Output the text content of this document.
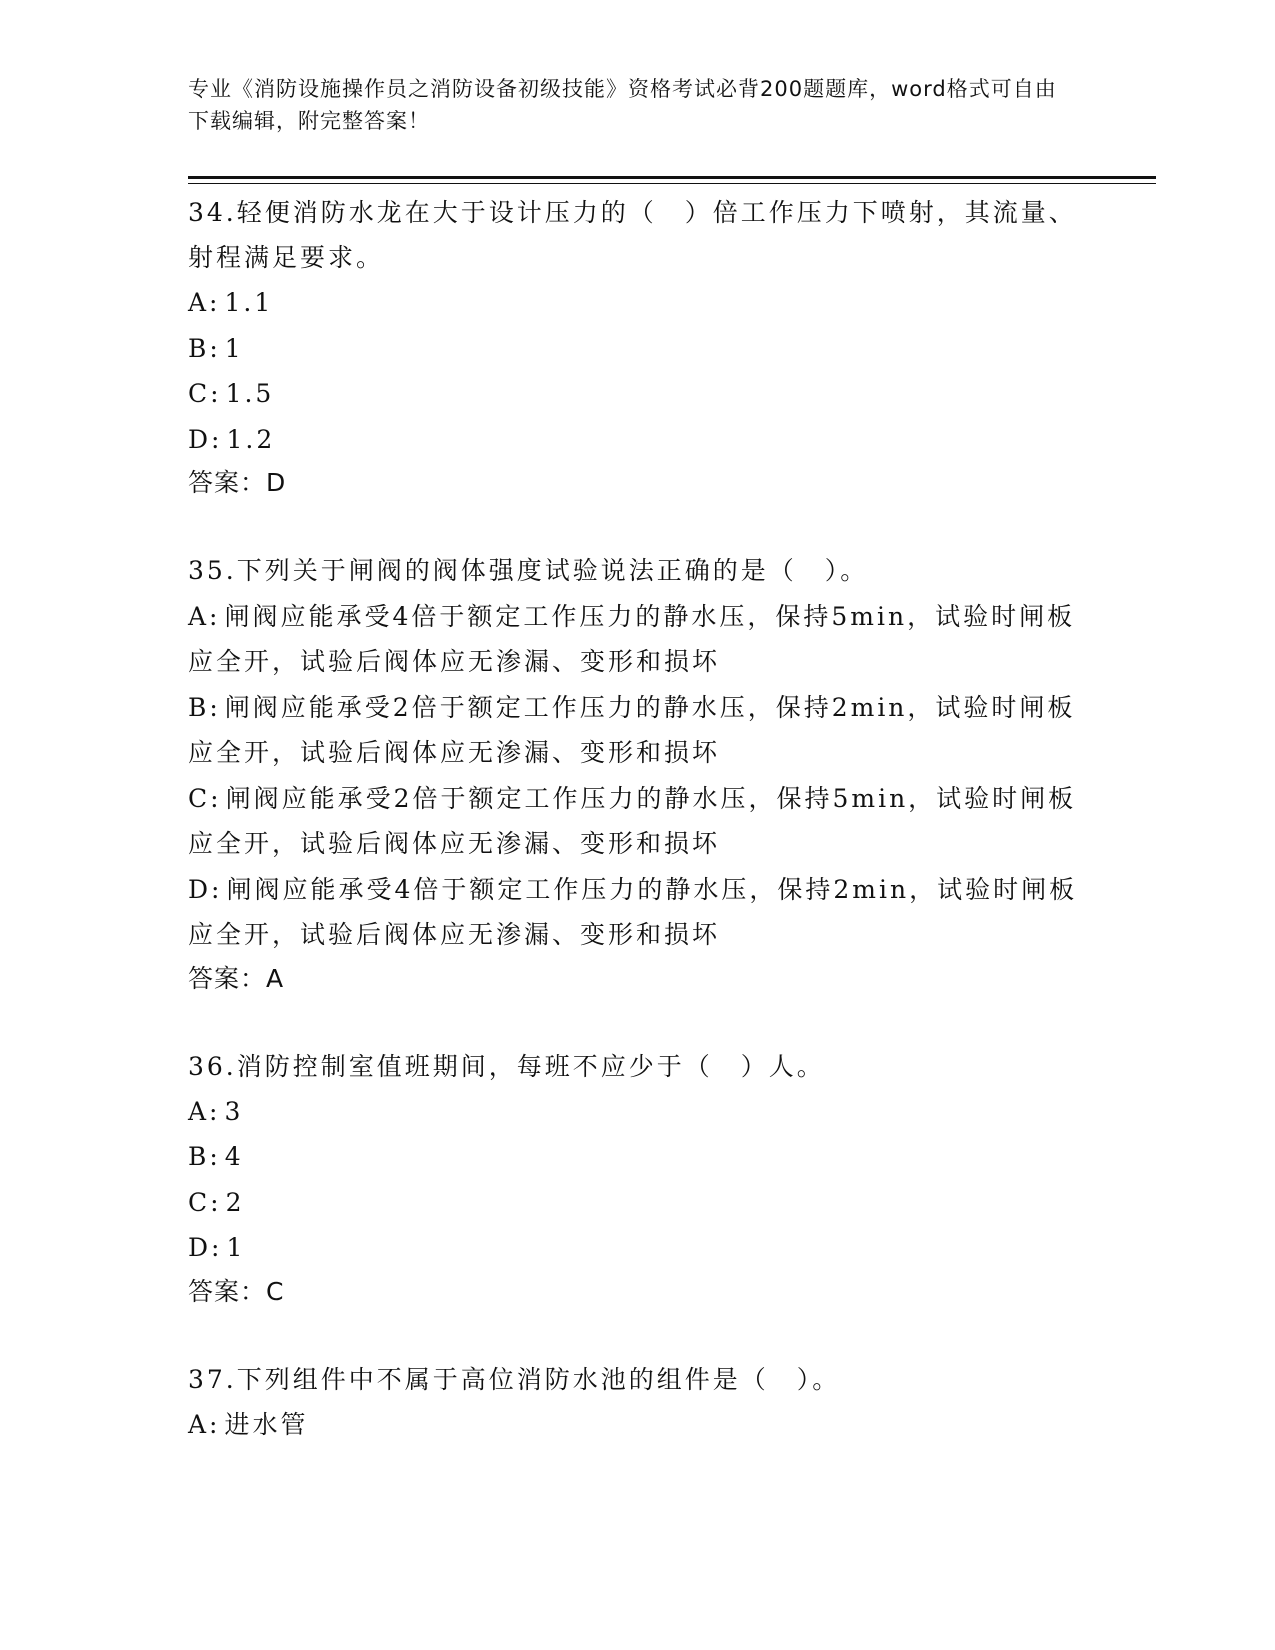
专业《消防设施操作员之消防设备初级技能》资格考试必背200题题库，word格式可自由下载编辑，附完整答案！

34.轻便消防水龙在大于设计压力的（　）倍工作压力下喷射，其流量、射程满足要求。

A: 1.1

B: 1

C: 1.5

D: 1.2

答案：D

35.下列关于闸阀的阀体强度试验说法正确的是（　）。

A: 闸阀应能承受4倍于额定工作压力的静水压，保持5min，试验时闸板应全开，试验后阀体应无渗漏、变形和损坏

B: 闸阀应能承受2倍于额定工作压力的静水压，保持2min，试验时闸板应全开，试验后阀体应无渗漏、变形和损坏

C: 闸阀应能承受2倍于额定工作压力的静水压，保持5min，试验时闸板应全开，试验后阀体应无渗漏、变形和损坏

D: 闸阀应能承受4倍于额定工作压力的静水压，保持2min，试验时闸板应全开，试验后阀体应无渗漏、变形和损坏

答案：A

36.消防控制室值班期间，每班不应少于（　）人。

A: 3

B: 4

C: 2

D: 1

答案：C

37.下列组件中不属于高位消防水池的组件是（　）。

A: 进水管
